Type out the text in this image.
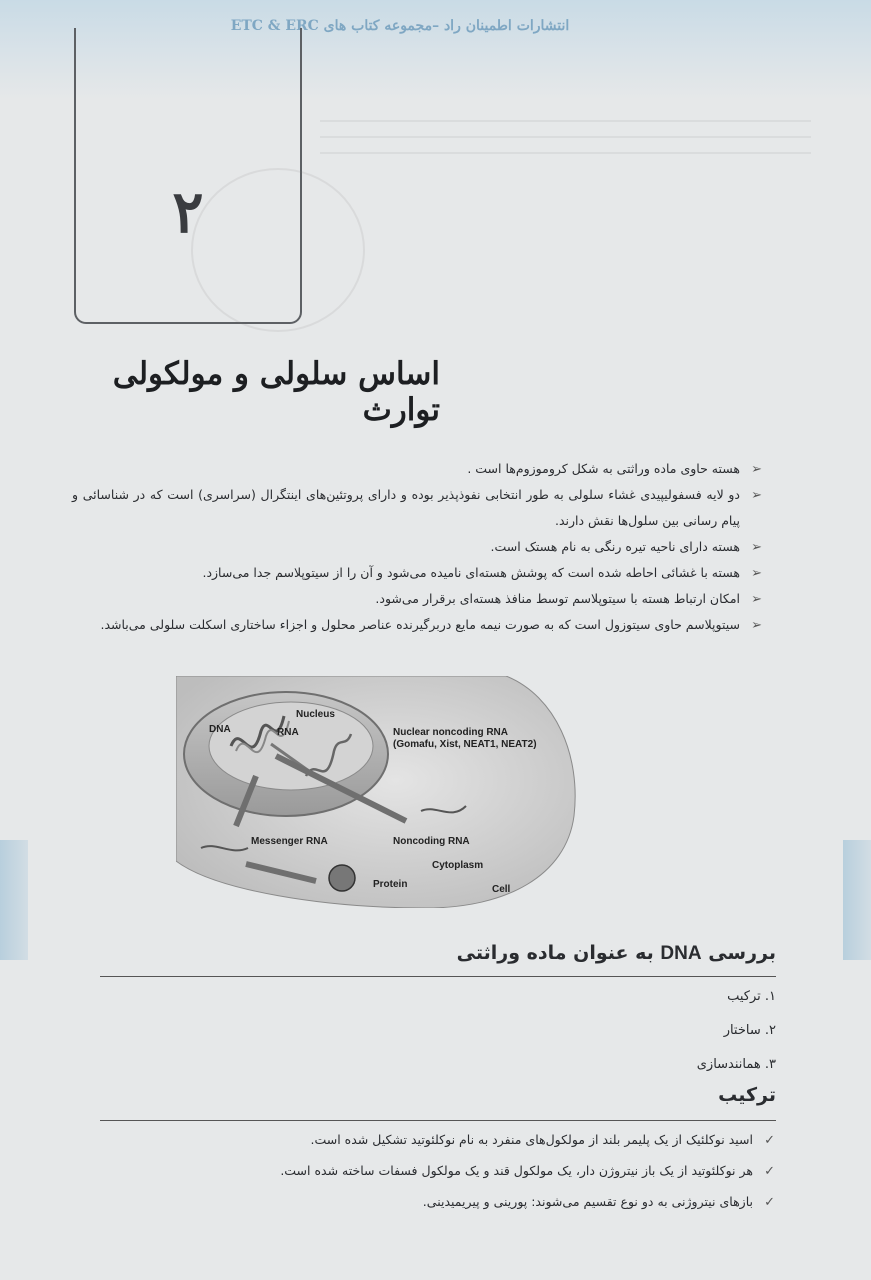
انتشارات اطمینان راد –مجموعه کتاب های ETC & ERC
۲
اساس سلولی و مولکولی توارث
➢
هسته حاوی ماده وراثتی به شکل کروموزوم‌ها است .
➢
دو لایه فسفولیپیدی غشاء سلولی به طور انتخابی نفوذپذیر بوده و دارای پروتئین‌های اینتگرال (سراسری) است که در شناسائی و پیام رسانی بین سلول‌ها نقش دارند.
➢
هسته دارای ناحیه تیره رنگی به نام هستک است.
➢
هسته با غشائی احاطه شده است که پوشش هسته‌ای نامیده می‌شود و آن را از سیتوپلاسم جدا می‌سازد.
➢
امکان ارتباط هسته با سیتوپلاسم توسط منافذ هسته‌ای برقرار می‌شود.
➢
سیتوپلاسم حاوی سیتوزول است که به صورت نیمه مایع دربرگیرنده عناصر محلول و اجزاء ساختاری اسکلت سلولی می‌باشد.
DNA
Nucleus
RNA	Nuclear noncoding RNA
(Gomafu, Xist, NEAT1, NEAT2)
Messenger RNA	Noncoding RNA
Cytoplasm
Protein	Cell
بررسی DNA به عنوان ماده وراثتی
۱. ترکیب
۲. ساختار
۳. همانندسازی
ترکیب
✓
اسید نوکلئیک از یک پلیمر بلند از مولکول‌های منفرد به نام نوکلئوتید تشکیل شده است.
✓
هر نوکلئوتید از یک باز نیتروژن دار، یک مولکول قند و یک مولکول فسفات ساخته شده است.
✓
بازهای نیتروژنی به دو نوع تقسیم می‌شوند: پورینی و پیریمیدینی.
